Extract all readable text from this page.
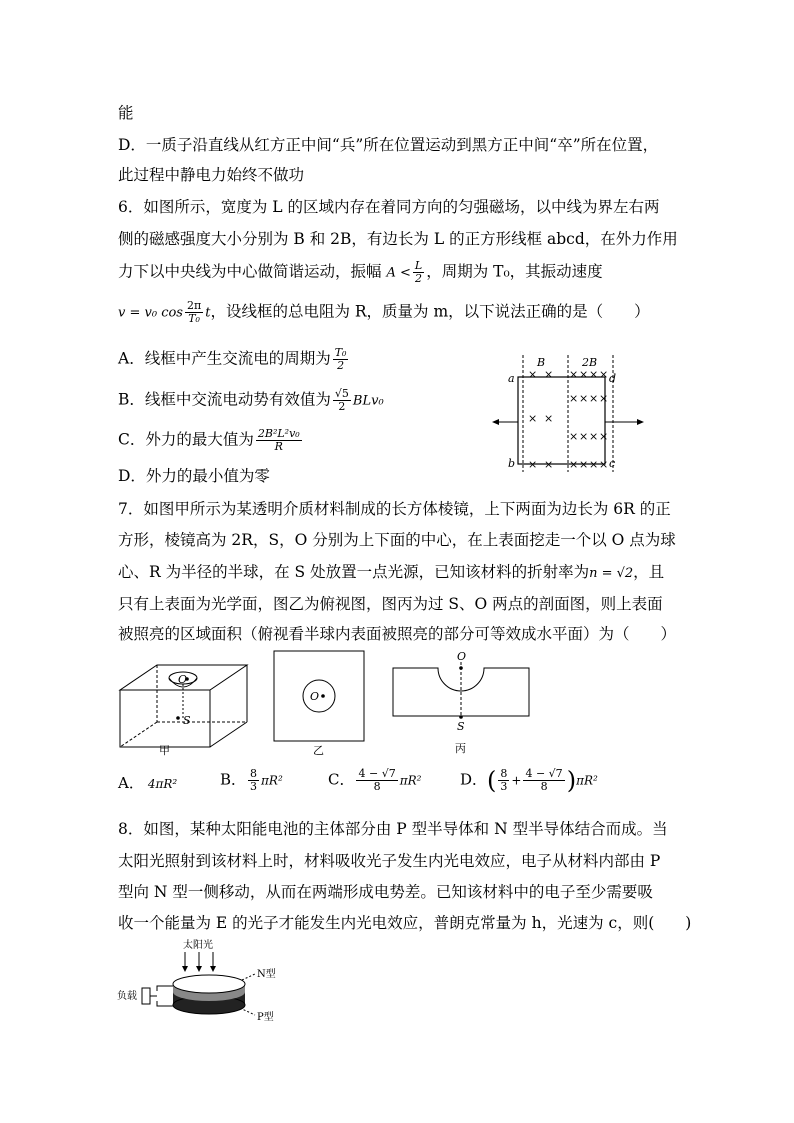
能
D．一质子沿直线从红方正中间“兵”所在位置运动到黑方正中间“卒”所在位置，
此过程中静电力始终不做功
6．如图所示，宽度为 L 的区域内存在着同方向的匀强磁场，以中线为界左右两
侧的磁感强度大小分别为 B 和 2B，有边长为 L 的正方形线框 abcd，在外力作用
力下以中央线为中心做简谐运动，振幅 $A < \frac{L}{2}$ ，周期为 T₀，其振动速度
v = v₀ $\cos \frac{2\pi}{\text{T₀}}$ t，设线框的总电阻为 R，质量为 m，以下说法正确的是（　　）
A．线框中产生交流电的周期为 $\frac{\text{T₀}}{2}$
B．线框中交流电动势有效值为 $\frac{√5}{2} BLv_0$
C．外力的最大值为 $\frac{\text{2B²L²v₀}}{R}$
D．外力的最小值为零
B	2B
a	d
b	c
× ×
× ×
× ×
× × × ×
× × × ×
× × × ×
× × × ×
7．如图甲所示为某透明介质材料制成的长方体棱镜，上下两面为边长为 6R 的正
方形，棱镜高为 2R，S，O 分别为上下面的中心，在上表面挖走一个以 O 点为球
心、R 为半径的半球，在 S 处放置一点光源，已知该材料的折射率为n = √2，且
只有上表面为光学面，图乙为俯视图，图丙为过 S、O 两点的剖面图，则上表面
被照亮的区域面积（俯视看半球内表面被照亮的部分可等效成水平面）为（　　）
O
S
O
O
S
甲	乙	丙
A． 4πR²	B． $\frac{8}{3} \pi R^2$	C． $\frac{4 - √7}{8} \pi R^2$	D．( $\frac{8}{3} + \frac{4 - √7}{8} )\pi R^2$
8．如图，某种太阳能电池的主体部分由 P 型半导体和 N 型半导体结合而成。当
太阳光照射到该材料上时，材料吸收光子发生内光电效应，电子从材料内部由 P
型向 N 型一侧移动，从而在两端形成电势差。已知该材料中的电子至少需要吸
收一个能量为 E 的光子才能发生内光电效应，普朗克常量为 h，光速为 c，则(　　)
太阳光
负载
N型
P型
